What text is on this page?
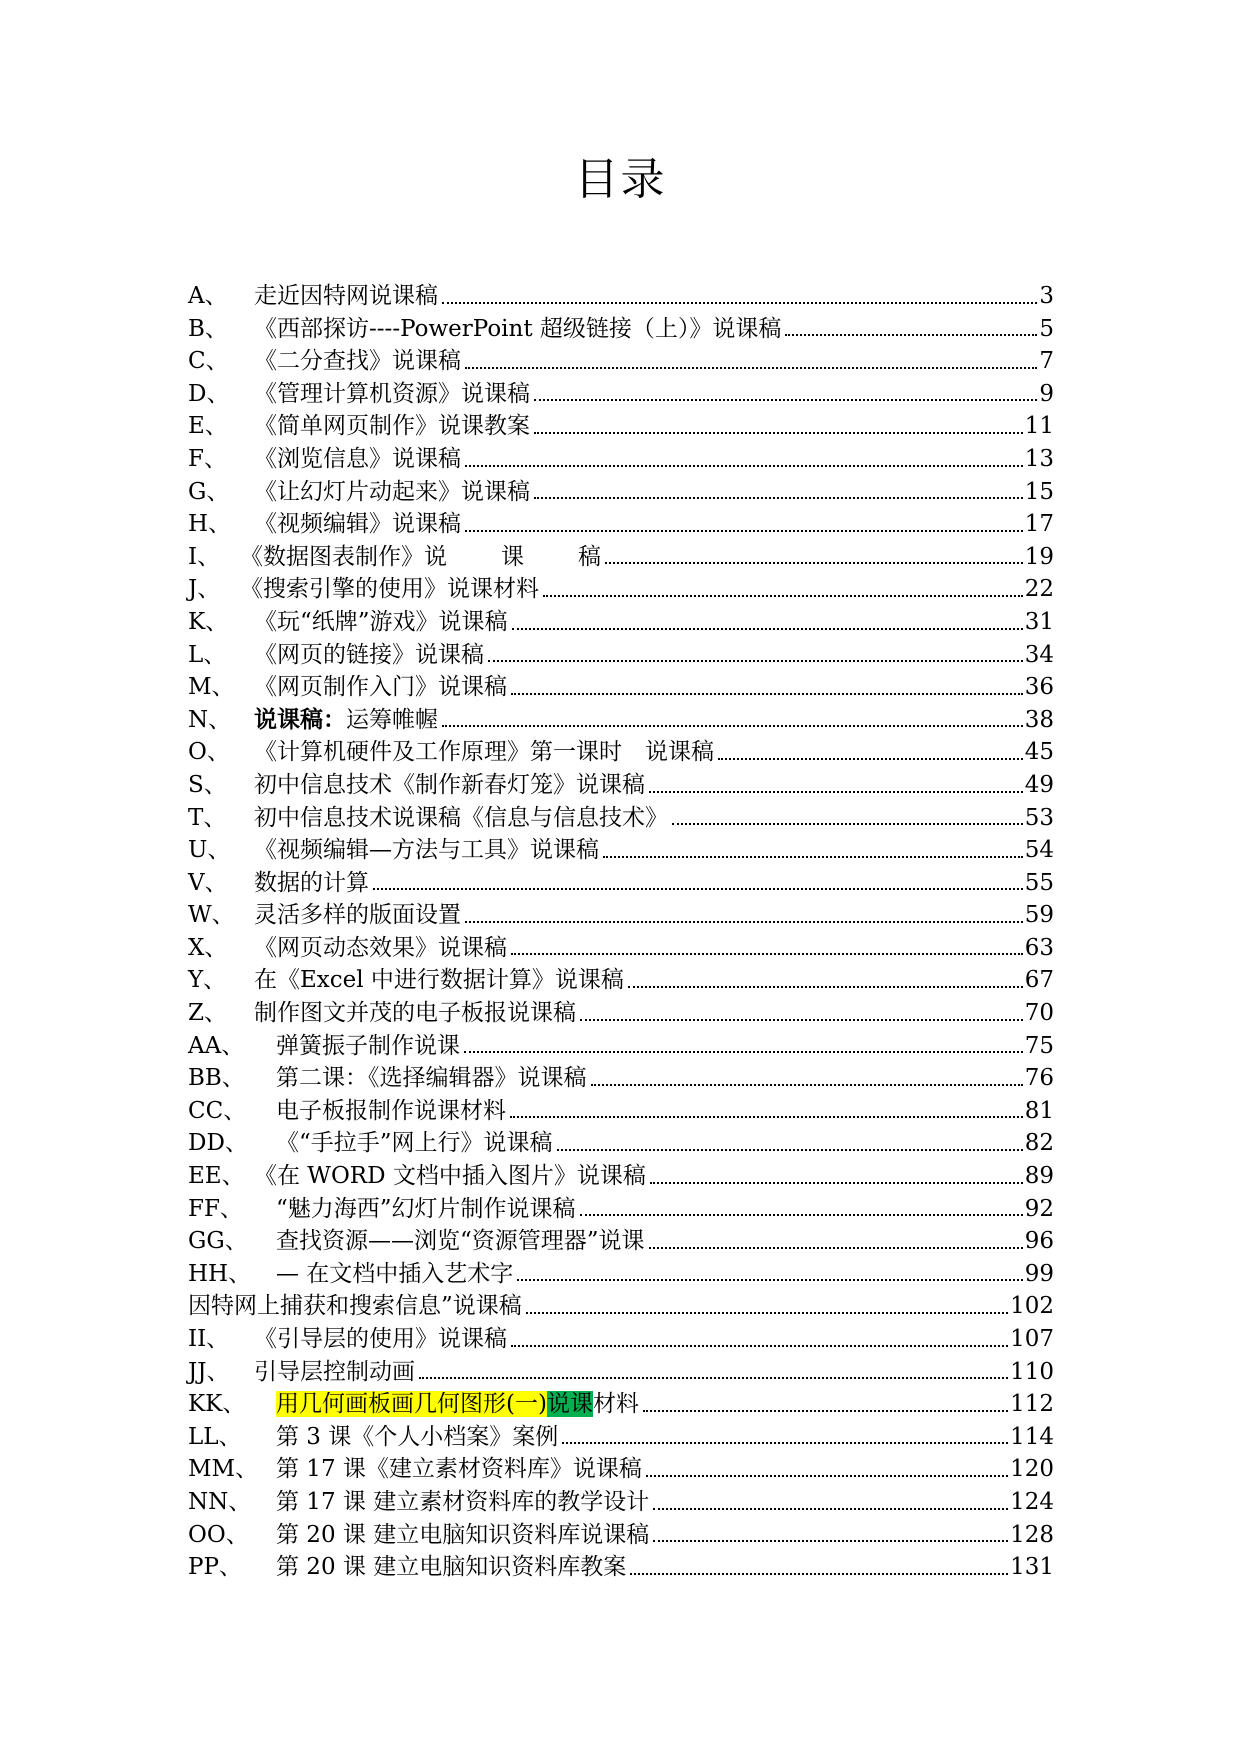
目录
A、	走近因特网说课稿	3
B、	《西部探访----PowerPoint 超级链接（上）》说课稿	5
C、	《二分查找》说课稿	7
D、	《管理计算机资源》说课稿	9
E、	《简单网页制作》说课教案	11
F、	《浏览信息》说课稿	13
G、	《让幻灯片动起来》说课稿	15
H、 《视频编辑》说课稿	17
I、 《数据图表制作》说 课 稿	19
J、 《搜索引擎的使用》说课材料	22
K、	《玩“纸牌”游戏》说课稿	31
L、	《网页的链接》说课稿	34
M、 《网页制作入门》说课稿	36
N、 说课稿：运筹帷幄	38
O、	《计算机硬件及工作原理》第一课时　说课稿	45
S、	初中信息技术《制作新春灯笼》说课稿	49
T、	初中信息技术说课稿《信息与信息技术》	53
U、	《视频编辑—方法与工具》说课稿	54
V、	数据的计算	55
W、 灵活多样的版面设置	59
X、	《网页动态效果》说课稿	63
Y、	在《Excel 中进行数据计算》说课稿	67
Z、	制作图文并茂的电子板报说课稿	70
AA、	弹簧振子制作说课	75
BB、	第二课：《选择编辑器》说课稿	76
CC、	电子板报制作说课材料	81
DD、	《“手拉手”网上行》说课稿	82
EE、 《在 WORD 文档中插入图片》说课稿	89
FF、	“魅力海西”幻灯片制作说课稿	92
GG、	查找资源——浏览“资源管理器”说课	96
HH、	— 在文档中插入艺术字	99
因特网上捕获和搜索信息”说课稿	102
II、	《引导层的使用》说课稿	107
JJ、	引导层控制动画	110
KK、	用几何画板画几何图形(一)说课材料	112
LL、	第 3 课《个人小档案》案例	114
MM、 第 17 课《建立素材资料库》说课稿	120
NN、	第 17 课 建立素材资料库的教学设计	124
OO、	第 20 课 建立电脑知识资料库说课稿	128
PP、	第 20 课 建立电脑知识资料库教案	131
